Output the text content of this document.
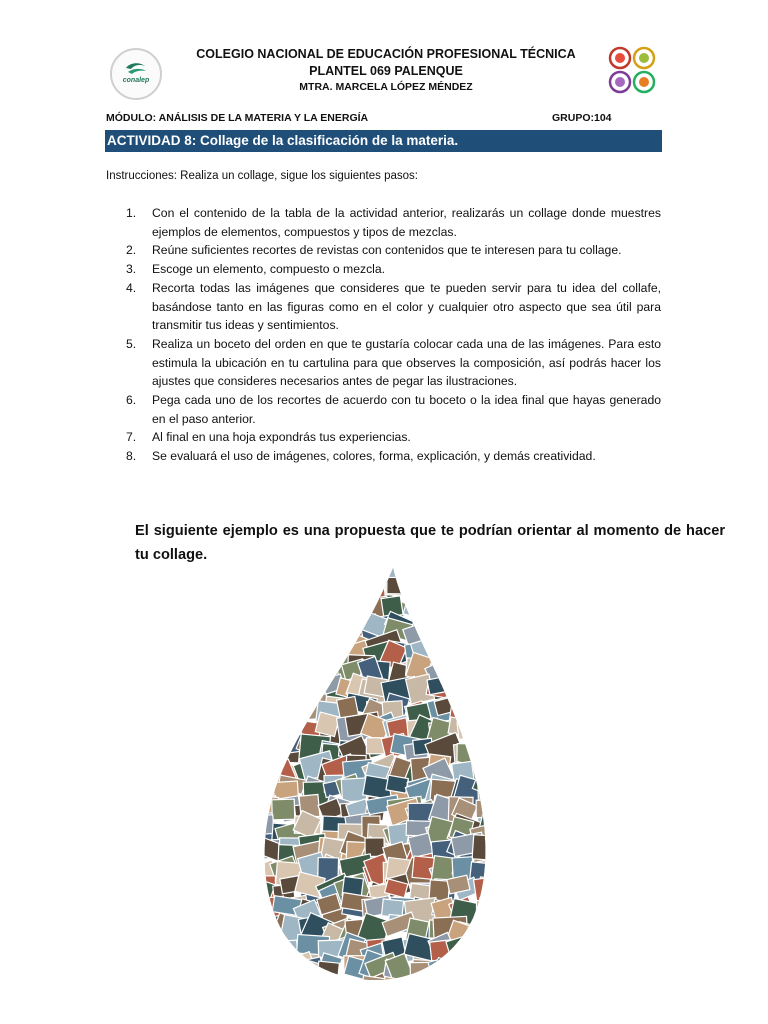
conalep
COLEGIO NACIONAL DE EDUCACIÓN PROFESIONAL TÉCNICA
PLANTEL 069 PALENQUE
MTRA. MARCELA LÓPEZ MÉNDEZ
MÓDULO: ANÁLISIS DE LA MATERIA Y LA ENERGÍA	GRUPO:104
ACTIVIDAD 8: Collage de la clasificación de la materia.
Instrucciones: Realiza un collage, sigue los siguientes pasos:
1. Con el contenido de la tabla de la actividad anterior, realizarás un collage donde muestres ejemplos de elementos, compuestos y tipos de mezclas.
2. Reúne suficientes recortes de revistas con contenidos que te interesen para tu collage.
3. Escoge un elemento, compuesto o mezcla.
4. Recorta todas las imágenes que consideres que te pueden servir para tu idea del collafe, basándose tanto en las figuras como en el color y cualquier otro aspecto que sea útil para transmitir tus ideas y sentimientos.
5. Realiza un boceto del orden en que te gustaría colocar cada una de las imágenes. Para esto estimula la ubicación en tu cartulina para que observes la composición, así podrás hacer los ajustes que consideres necesarios antes de pegar las ilustraciones.
6. Pega cada uno de los recortes de acuerdo con tu boceto o la idea final que hayas generado en el paso anterior.
7. Al final en una hoja expondrás tus experiencias.
8. Se evaluará el uso de imágenes, colores, forma, explicación, y demás creatividad.
El siguiente ejemplo es una propuesta que te podrían orientar al momento de hacer tu collage.
